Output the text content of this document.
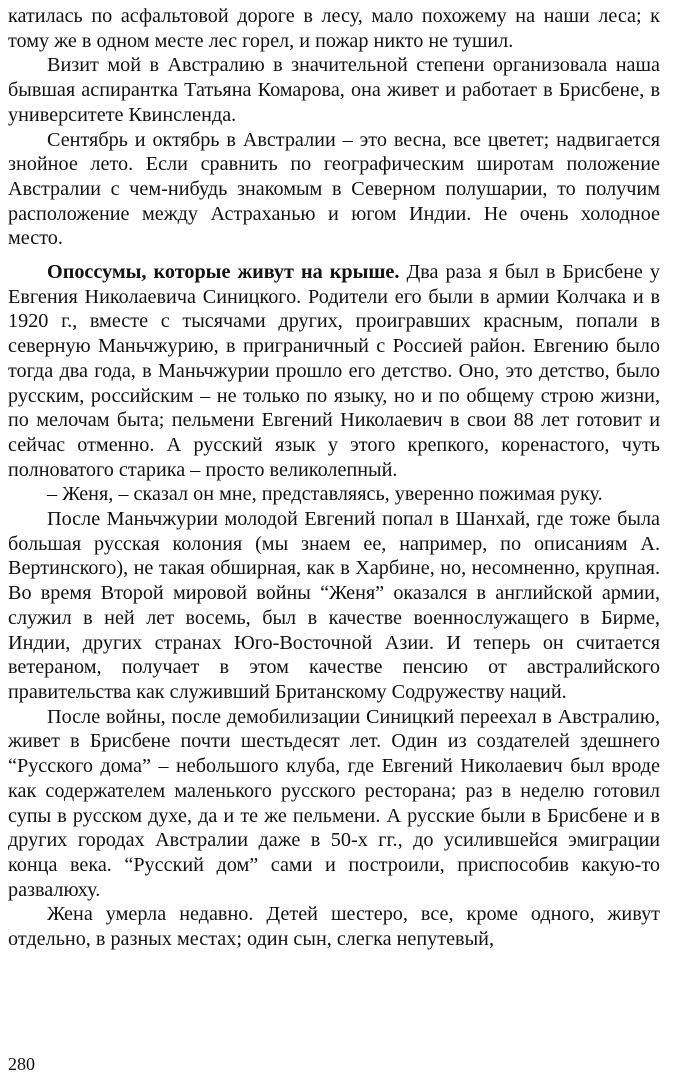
катилась по асфальтовой дороге в лесу, мало похожему на наши леса; к тому же в одном месте лес горел, и пожар никто не тушил.

Визит мой в Австралию в значительной степени организовала наша бывшая аспирантка Татьяна Комарова, она живет и работает в Брисбене, в университете Квинсленда.

Сентябрь и октябрь в Австралии – это весна, все цветет; надвигается знойное лето. Если сравнить по географическим широтам положение Австралии с чем-нибудь знакомым в Северном полушарии, то получим расположение между Астраханью и югом Индии. Не очень холодное место.

Опоссумы, которые живут на крыше. Два раза я был в Брисбене у Евгения Николаевича Синицкого. Родители его были в армии Колчака и в 1920 г., вместе с тысячами других, проигравших красным, попали в северную Маньчжурию, в приграничный с Россией район. Евгению было тогда два года, в Маньчжурии прошло его детство. Оно, это детство, было русским, российским – не только по языку, но и по общему строю жизни, по мелочам быта; пельмени Евгений Николаевич в свои 88 лет готовит и сейчас отменно. А русский язык у этого крепкого, коренастого, чуть полноватого старика – просто великолепный.

– Женя, – сказал он мне, представляясь, уверенно пожимая руку.

После Маньчжурии молодой Евгений попал в Шанхай, где тоже была большая русская колония (мы знаем ее, например, по описаниям А. Вертинского), не такая обширная, как в Харбине, но, несомненно, крупная. Во время Второй мировой войны “Женя” оказался в английской армии, служил в ней лет восемь, был в качестве военнослужащего в Бирме, Индии, других странах Юго-Восточной Азии. И теперь он считается ветераном, получает в этом качестве пенсию от австралийского правительства как служивший Британскому Содружеству наций.

После войны, после демобилизации Синицкий переехал в Австралию, живет в Брисбене почти шестьдесят лет. Один из создателей здешнего “Русского дома” – небольшого клуба, где Евгений Николаевич был вроде как содержателем маленького русского ресторана; раз в неделю готовил супы в русском духе, да и те же пельмени. А русские были в Брисбене и в других городах Австралии даже в 50-х гг., до усилившейся эмиграции конца века. “Русский дом” сами и построили, приспособив какую-то развалюху.

Жена умерла недавно. Детей шестеро, все, кроме одного, живут отдельно, в разных местах; один сын, слегка непутевый,

280
